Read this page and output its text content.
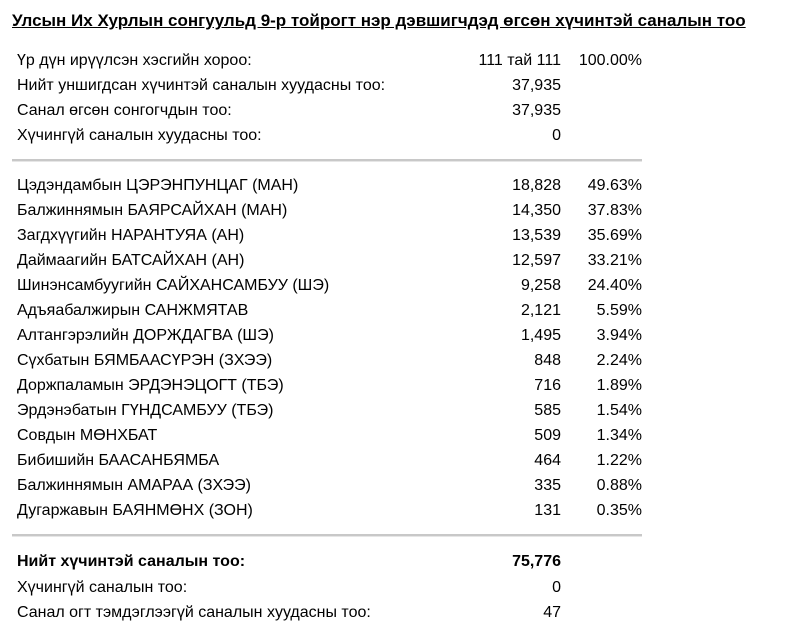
Улсын Их Хурлын сонгуульд 9-р тойрогт нэр дэвшигчдэд өгсөн хүчинтэй саналын тоо
Үр дүн ирүүлсэн хэсгийн хороо:	111 тай 111	100.00%
Нийт уншигдсан хүчинтэй саналын хуудасны тоо:	37,935	
Санал өгсөн сонгогчдын тоо:	37,935	
Хүчингүй саналын хуудасны тоо:	0	

Цэдэндамбын ЦЭРЭНПУНЦАГ (МАН)	18,828	49.63%
Балжиннямын БАЯРСАЙХАН (МАН)	14,350	37.83%
Загдхүүгийн НАРАНТУЯА (АН)	13,539	35.69%
Даймаагийн БАТСАЙХАН (АН)	12,597	33.21%
Шинэнсамбуугийн САЙХАНСАМБУУ (ШЭ)	9,258	24.40%
Адъяабалжирын САНЖМЯТАВ	2,121	5.59%
Алтангэрэлийн ДОРЖДАГВА (ШЭ)	1,495	3.94%
Сүхбатын БЯМБААСҮРЭН (ЗХЭЭ)	848	2.24%
Доржпаламын ЭРДЭНЭЦОГТ (ТБЭ)	716	1.89%
Эрдэнэбатын ГҮНДСАМБУУ (ТБЭ)	585	1.54%
Совдын МӨНХБАТ	509	1.34%
Бибишийн БААСАНБЯМБА	464	1.22%
Балжиннямын АМАРАА (ЗХЭЭ)	335	0.88%
Дугаржавын БАЯНМӨНХ (ЗОН)	131	0.35%

Нийт хүчинтэй саналын тоо:	75,776	
Хүчингүй саналын тоо:	0	
Санал огт тэмдэглээгүй саналын хуудасны тоо:	47	
